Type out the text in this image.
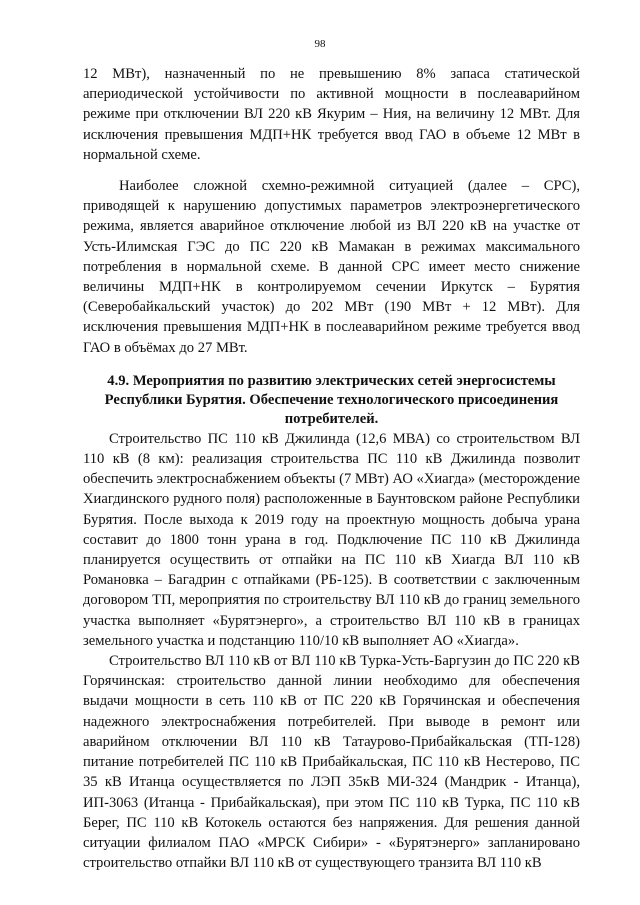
98

12 МВт), назначенный по не превышению 8% запаса статической апериодической устойчивости по активной мощности в послеаварийном режиме при отключении ВЛ 220 кВ Якурим – Ния, на величину 12 МВт. Для исключения превышения МДП+НК требуется ввод ГАО в объеме 12 МВт в нормальной схеме.

Наиболее сложной схемно-режимной ситуацией (далее – СРС), приводящей к нарушению допустимых параметров электроэнергетического режима, является аварийное отключение любой из ВЛ 220 кВ на участке от Усть-Илимская ГЭС до ПС 220 кВ Мамакан в режимах максимального потребления в нормальной схеме. В данной СРС имеет место снижение величины МДП+НК в контролируемом сечении Иркутск – Бурятия (Северобайкальский участок) до 202 МВт (190 МВт + 12 МВт). Для исключения превышения МДП+НК в послеаварийном режиме требуется ввод ГАО в объёмах до 27 МВт.

4.9. Мероприятия по развитию электрических сетей энергосистемы Республики Бурятия. Обеспечение технологического присоединения потребителей.

Строительство ПС 110 кВ Джилинда (12,6 МВА) со строительством ВЛ 110 кВ (8 км): реализация строительства ПС 110 кВ Джилинда позволит обеспечить электроснабжением объекты (7 МВт) АО «Хиагда» (месторождение Хиагдинского рудного поля) расположенные в Баунтовском районе Республики Бурятия. После выхода к 2019 году на проектную мощность добыча урана составит до 1800 тонн урана в год. Подключение ПС 110 кВ Джилинда планируется осуществить от отпайки на ПС 110 кВ Хиагда ВЛ 110 кВ Романовка – Багадрин с отпайками (РБ-125). В соответствии с заключенным договором ТП, мероприятия по строительству ВЛ 110 кВ до границ земельного участка выполняет «Бурятэнерго», а строительство ВЛ 110 кВ в границах земельного участка и подстанцию 110/10 кВ выполняет АО «Хиагда».

Строительство ВЛ 110 кВ от ВЛ 110 кВ Турка-Усть-Баргузин до ПС 220 кВ Горячинская: строительство данной линии необходимо для обеспечения выдачи мощности в сеть 110 кВ от ПС 220 кВ Горячинская и обеспечения надежного электроснабжения потребителей. При выводе в ремонт или аварийном отключении ВЛ 110 кВ Татаурово-Прибайкальская (ТП-128) питание потребителей ПС 110 кВ Прибайкальская, ПС 110 кВ Нестерово, ПС 35 кВ Итанца осуществляется по ЛЭП 35кВ МИ-324 (Мандрик - Итанца), ИП-3063 (Итанца - Прибайкальская), при этом ПС 110 кВ Турка, ПС 110 кВ Берег, ПС 110 кВ Котокель остаются без напряжения. Для решения данной ситуации филиалом ПАО «МРСК Сибири» - «Бурятэнерго» запланировано строительство отпайки ВЛ 110 кВ от существующего транзита ВЛ 110 кВ
